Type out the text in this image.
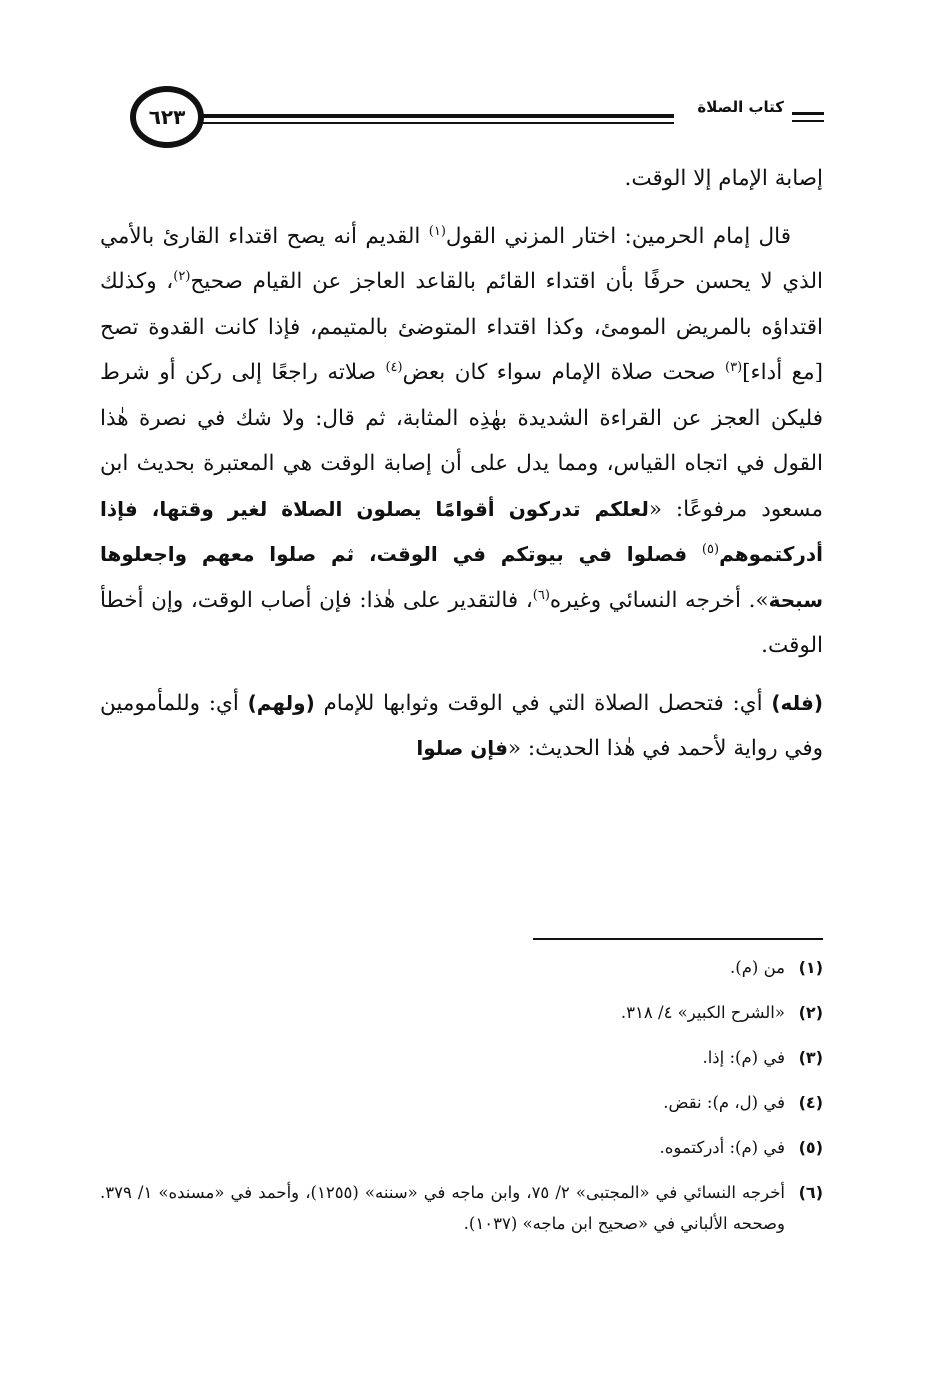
كتاب الصلاة
٦٢٣

إصابة الإمام إلا الوقت.

قال إمام الحرمين: اختار المزني القول$^{(١)}$ القديم أنه يصح اقتداء القارئ بالأمي الذي لا يحسن حرفًا بأن اقتداء القائم بالقاعد العاجز عن القيام صحيح$^{(٢)}$، وكذلك اقتداؤه بالمريض المومئ، وكذا اقتداء المتوضئ بالمتيمم، فإذا كانت القدوة تصح [مع أداء]$^{(٣)}$ صحت صلاة الإمام سواء كان بعض$^{(٤)}$ صلاته راجعًا إلى ركن أو شرط فليكن العجز عن القراءة الشديدة بهٰذِه المثابة، ثم قال: ولا شك في نصرة هٰذا القول في اتجاه القياس، ومما يدل على أن إصابة الوقت هي المعتبرة بحديث ابن مسعود مرفوعًا: «لعلكم تدركون أقوامًا يصلون الصلاة لغير وقتها، فإذا أدركتموهم$^{(٥)}$ فصلوا في بيوتكم في الوقت، ثم صلوا معهم واجعلوها سبحة». أخرجه النسائي وغيره$^{(٦)}$، فالتقدير على هٰذا: فإن أصاب الوقت، وإن أخطأ الوقت.

(فله) أي: فتحصل الصلاة التي في الوقت وثوابها للإمام (ولهم) أي: وللمأمومين وفي رواية لأحمد في هٰذا الحديث: «فإن صلوا

(١)
من (م).
(٢)
«الشرح الكبير» ٤/ ٣١٨.
(٣)
في (م): إذا.
(٤)
في (ل، م): نقض.
(٥)
في (م): أدركتموه.
(٦)
أخرجه النسائي في «المجتبى» ٢/ ٧٥، وابن ماجه في «سننه» (١٢٥٥)، وأحمد في «مسنده» ١/ ٣٧٩. وصححه الألباني في «صحيح ابن ماجه» (١٠٣٧).
